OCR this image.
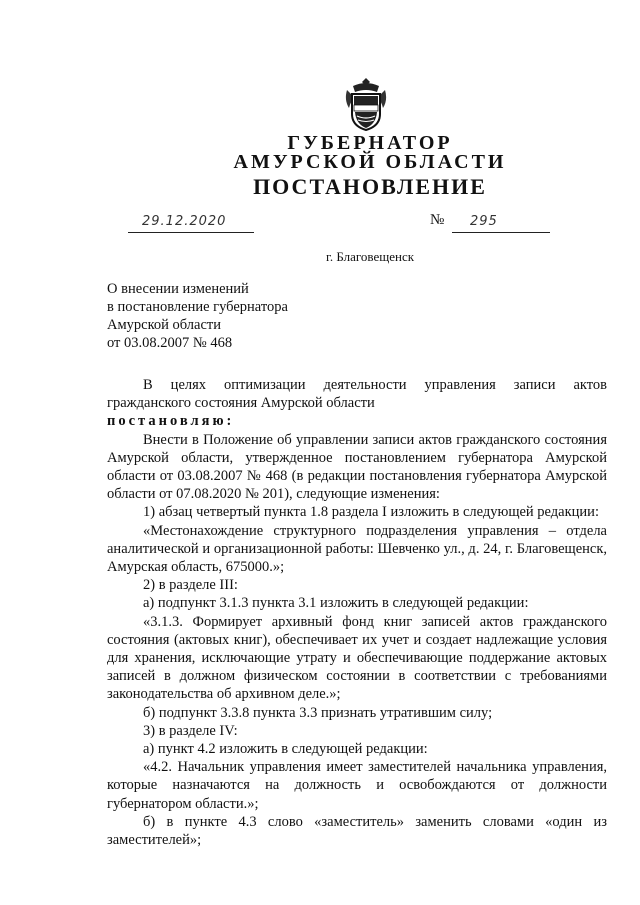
ГУБЕРНАТОР
АМУРСКОЙ ОБЛАСТИ
ПОСТАНОВЛЕНИЕ
29.12.2020	№ 295
г. Благовещенск
О внесении изменений
в постановление губернатора
Амурской области
от 03.08.2007 № 468

В целях оптимизации деятельности управления записи актов гражданского состояния Амурской области

постановляю:

Внести в Положение об управлении записи актов гражданского состояния Амурской области, утвержденное постановлением губернатора Амурской области от 03.08.2007 № 468 (в редакции постановления губернатора Амурской области от 07.08.2020 № 201), следующие изменения:

1) абзац четвертый пункта 1.8 раздела I изложить в следующей редакции:

«Местонахождение структурного подразделения управления – отдела аналитической и организационной работы: Шевченко ул., д. 24, г. Благовещенск, Амурская область, 675000.»;

2) в разделе III:

а) подпункт 3.1.3 пункта 3.1 изложить в следующей редакции:

«3.1.3. Формирует архивный фонд книг записей актов гражданского состояния (актовых книг), обеспечивает их учет и создает надлежащие условия для хранения, исключающие утрату и обеспечивающие поддержание актовых записей в должном физическом состоянии в соответствии с требованиями законодательства об архивном деле.»;

б) подпункт 3.3.8 пункта 3.3 признать утратившим силу;

3) в разделе IV:

а) пункт 4.2 изложить в следующей редакции:

«4.2. Начальник управления имеет заместителей начальника управления, которые назначаются на должность и освобождаются от должности губернатором области.»;

б) в пункте 4.3 слово «заместитель» заменить словами «один из заместителей»;
